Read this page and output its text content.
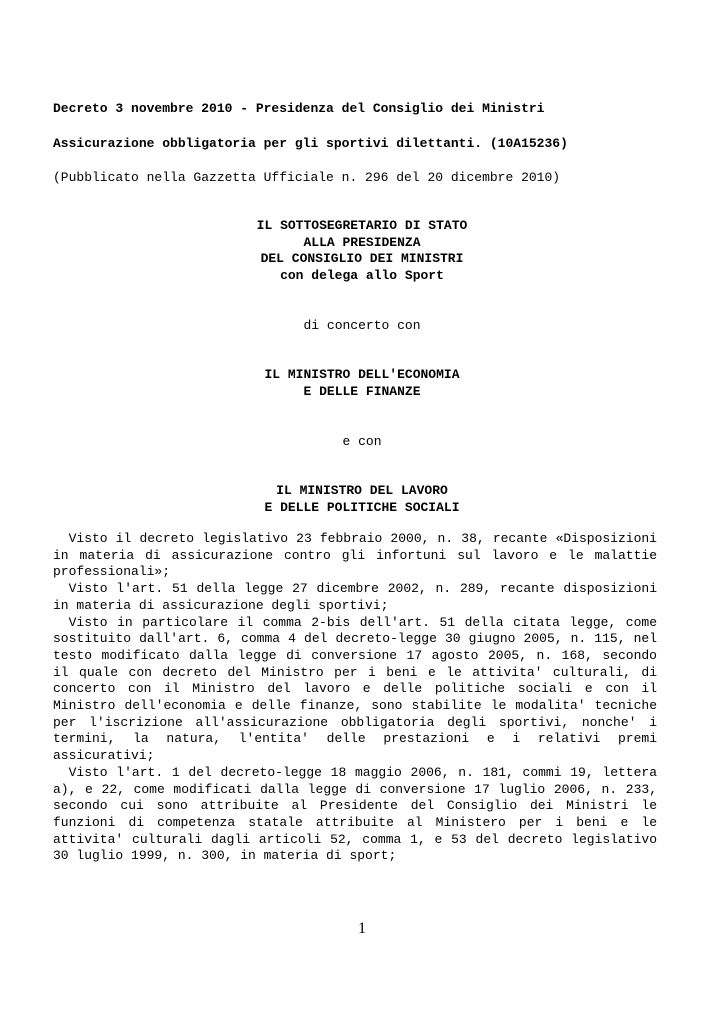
Decreto 3 novembre 2010 - Presidenza del Consiglio dei Ministri
Assicurazione obbligatoria per gli sportivi dilettanti. (10A15236)
(Pubblicato nella Gazzetta Ufficiale n. 296 del 20 dicembre 2010)
IL SOTTOSEGRETARIO DI STATO
ALLA PRESIDENZA
DEL CONSIGLIO DEI MINISTRI
con delega allo Sport
di concerto con
IL MINISTRO DELL'ECONOMIA
E DELLE FINANZE
e con
IL MINISTRO DEL LAVORO
E DELLE POLITICHE SOCIALI

Visto il decreto legislativo 23 febbraio 2000, n. 38, recante «Disposizioni in materia di assicurazione contro gli infortuni sul lavoro e le malattie professionali»;

Visto l'art. 51 della legge 27 dicembre 2002, n. 289, recante disposizioni in materia di assicurazione degli sportivi;

Visto in particolare il comma 2-bis dell'art. 51 della citata legge, come sostituito dall'art. 6, comma 4 del decreto-legge 30 giugno 2005, n. 115, nel testo modificato dalla legge di conversione 17 agosto 2005, n. 168, secondo il quale con decreto del Ministro per i beni e le attivita' culturali, di concerto con il Ministro del lavoro e delle politiche sociali e con il Ministro dell'economia e delle finanze, sono stabilite le modalita' tecniche per l'iscrizione all'assicurazione obbligatoria degli sportivi, nonche' i termini, la natura, l'entita' delle prestazioni e i relativi premi assicurativi;

Visto l'art. 1 del decreto-legge 18 maggio 2006, n. 181, commi 19, lettera a), e 22, come modificati dalla legge di conversione 17 luglio 2006, n. 233, secondo cui sono attribuite al Presidente del Consiglio dei Ministri le funzioni di competenza statale attribuite al Ministero per i beni e le attivita' culturali dagli articoli 52, comma 1, e 53 del decreto legislativo 30 luglio 1999, n. 300, in materia di sport;

1
